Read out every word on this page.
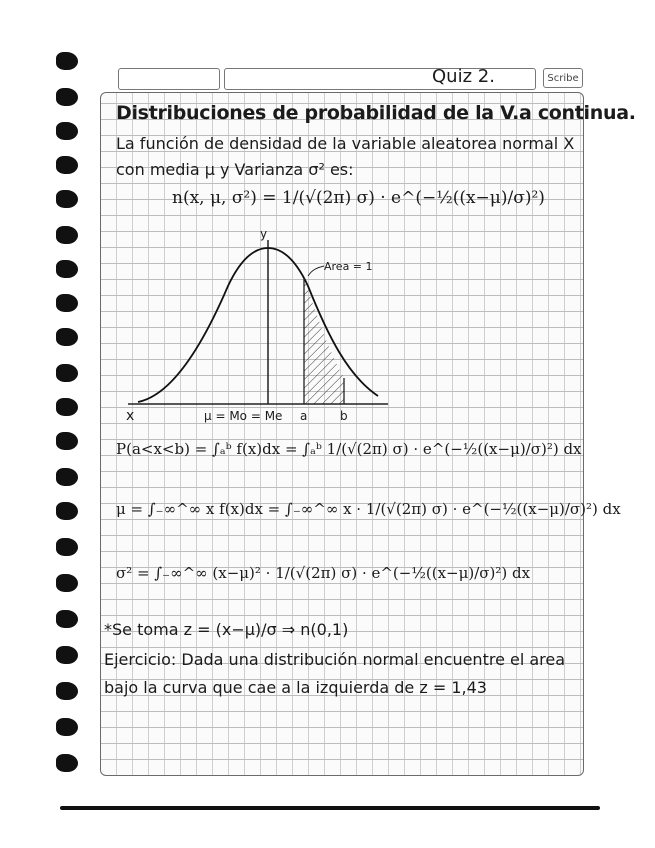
Quiz 2.	Scribe
Distribuciones de probabilidad de la V.a continua.
La función de densidad de la variable aleatorea normal X
con media μ y Varianza σ² es:
n(x, μ, σ²) = 1/(√(2π) σ) · e^(−½((x−μ)/σ)²)
y
Area = 1
x	μ = Mo = Me a	b
P(a<x<b) = ∫ₐᵇ f(x)dx = ∫ₐᵇ 1/(√(2π) σ) · e^(−½((x−μ)/σ)²) dx
μ = ∫₋∞^∞ x f(x)dx = ∫₋∞^∞ x · 1/(√(2π) σ) · e^(−½((x−μ)/σ)²) dx
σ² = ∫₋∞^∞ (x−μ)² · 1/(√(2π) σ) · e^(−½((x−μ)/σ)²) dx
*Se toma z = (x−μ)/σ ⇒ n(0,1)
Ejercicio: Dada una distribución normal encuentre el area
bajo la curva que cae a la izquierda de z = 1,43
